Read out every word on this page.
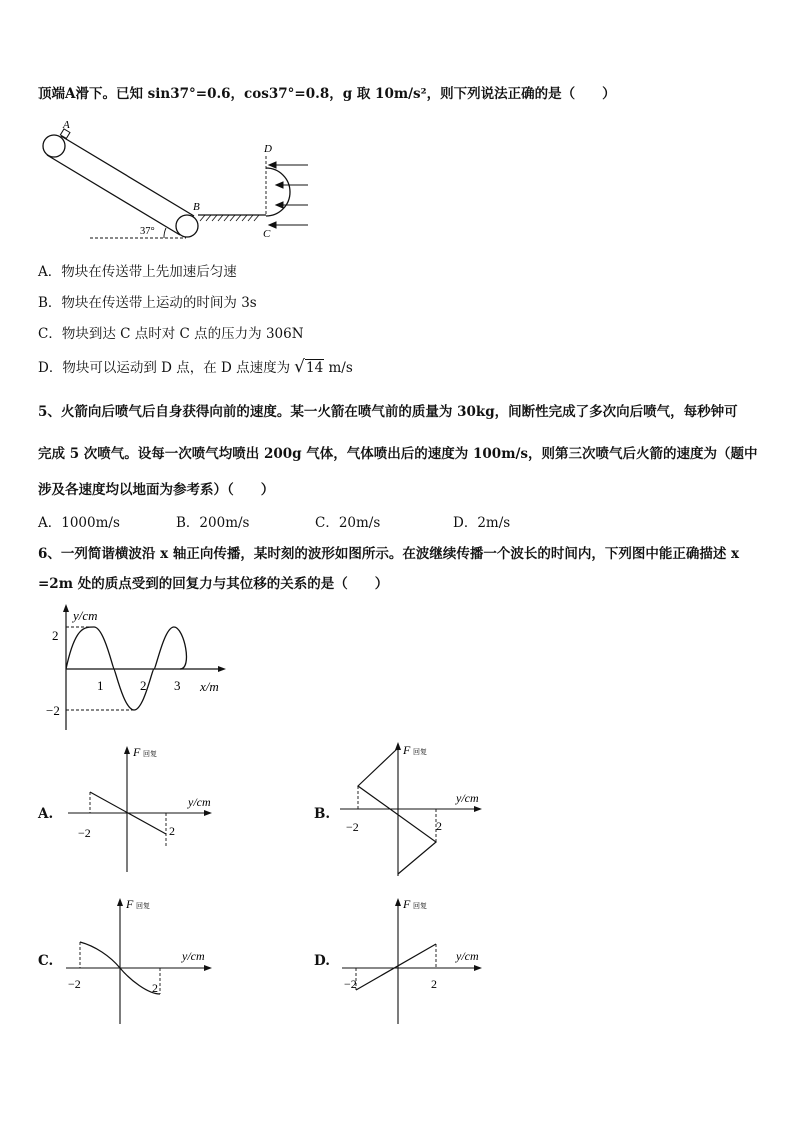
顶端A滑下。已知 sin37°=0.6，cos37°=0.8，g 取 10m/s²，则下列说法正确的是（　　）
A
37°
B
D
C
A．物块在传送带上先加速后匀速
B．物块在传送带上运动的时间为 3s
C．物块到达 C 点时对 C 点的压力为 306N
D．物块可以运动到 D 点，在 D 点速度为 √14 m/s
5、火箭向后喷气后自身获得向前的速度。某一火箭在喷气前的质量为 30kg，间断性完成了多次向后喷气，每秒钟可
完成 5 次喷气。设每一次喷气均喷出 200g 气体，气体喷出后的速度为 100m/s，则第三次喷气后火箭的速度为（题中
涉及各速度均以地面为参考系）（　　）
A．1000m/s	B．200m/s	C．20m/s	D．2m/s
6、一列简谐横波沿 x 轴正向传播，某时刻的波形如图所示。在波继续传播一个波长的时间内，下列图中能正确描述 x
=2m 处的质点受到的回复力与其位移的关系的是（　　）
y/cm
x/m
2
−2
1	2 3
A.
F 回复
y/cm
−2	2
B.
F 回复
y/cm
−2	2
C.
F 回复
y/cm
−2	2
D.
F 回复
y/cm
−2	2
